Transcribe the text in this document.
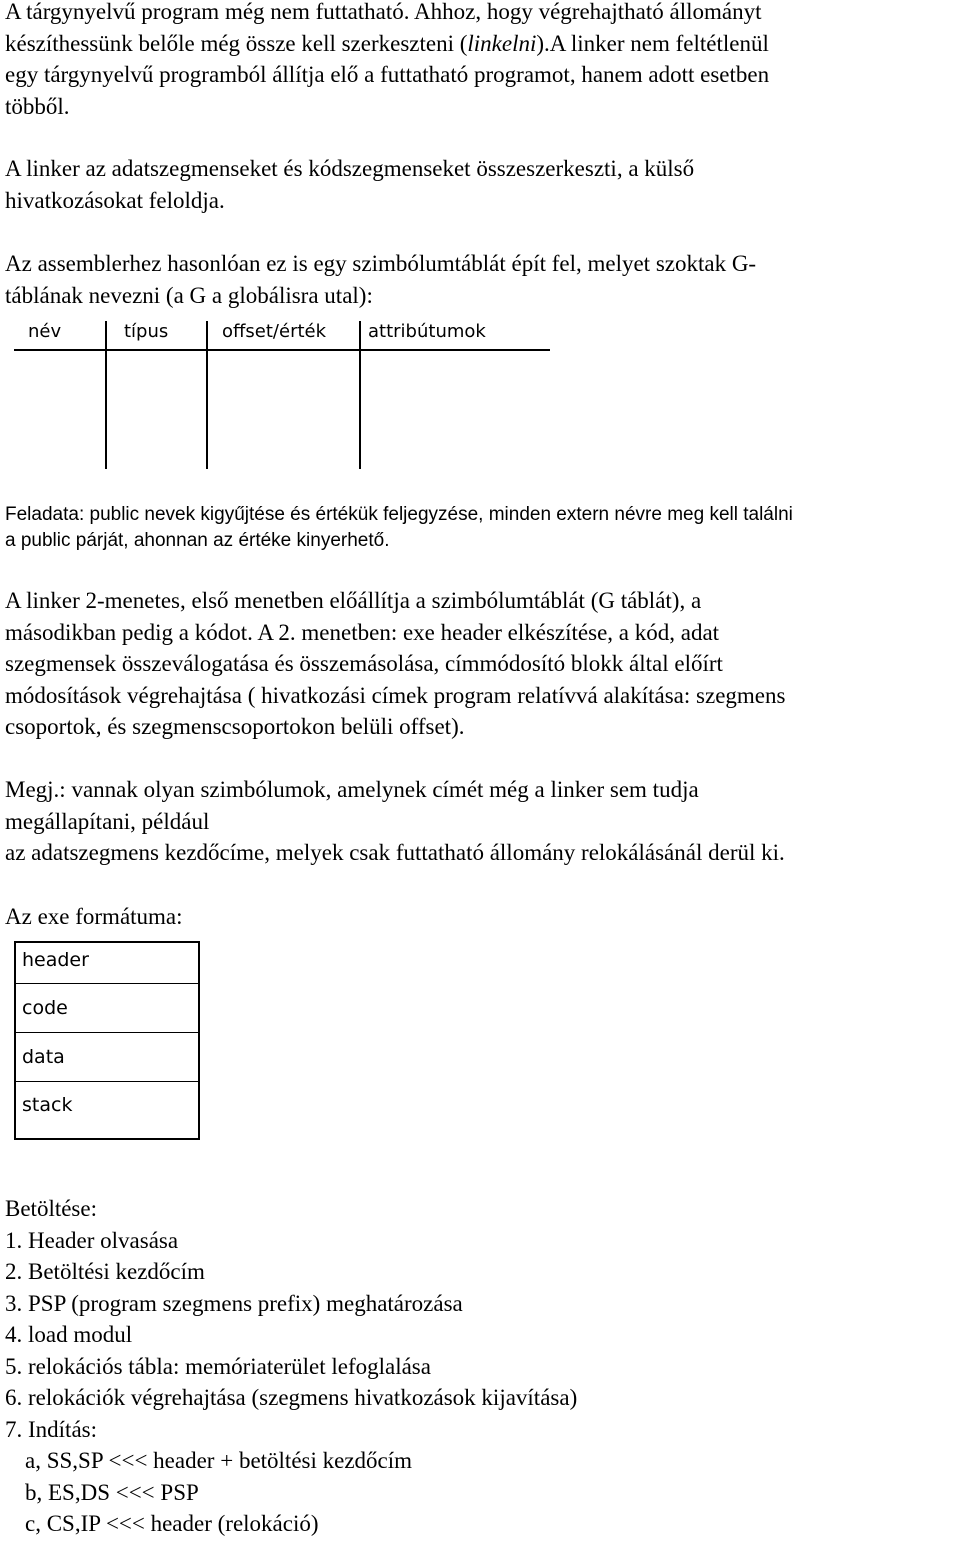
A tárgynyelvű program még nem futtatható. Ahhoz, hogy végrehajtható állományt

készíthessünk belőle még össze kell szerkeszteni (linkelni).A linker nem feltétlenül

egy tárgynyelvű programból állítja elő a futtatható programot, hanem adott esetben

többől.

A linker az adatszegmenseket és kódszegmenseket összeszerkeszti, a külső

hivatkozásokat feloldja.

Az assemblerhez hasonlóan ez is egy szimbólumtáblát épít fel, melyet szoktak G-

táblának nevezni (a G a globálisra utal):

név	típus	offset/érték attribútumok

Feladata: public nevek kigyűjtése és értékük feljegyzése, minden extern névre meg kell találni

a public párját, ahonnan az értéke kinyerhető.

A linker 2-menetes, első menetben előállítja a szimbólumtáblát (G táblát), a

másodikban pedig a kódot. A 2. menetben: exe header elkészítése, a kód, adat

szegmensek összeválogatása és összemásolása, címmódosító blokk által előírt

módosítások végrehajtása ( hivatkozási címek program relatívvá alakítása: szegmens

csoportok, és szegmenscsoportokon belüli offset).

Megj.: vannak olyan szimbólumok, amelynek címét még a linker sem tudja

megállapítani, például

az adatszegmens kezdőcíme, melyek csak futtatható állomány relokálásánál derül ki.

Az exe formátuma:

header
code
data
stack

Betöltése:

1. Header olvasása
2. Betöltési kezdőcím
3. PSP (program szegmens prefix) meghatározása
4. load modul
5. relokációs tábla: memóriaterület lefoglalása
6. relokációk végrehajtása (szegmens hivatkozások kijavítása)
7. Indítás:
a, SS,SP <<< header + betöltési kezdőcím
b, ES,DS <<< PSP
c, CS,IP <<< header (relokáció)
